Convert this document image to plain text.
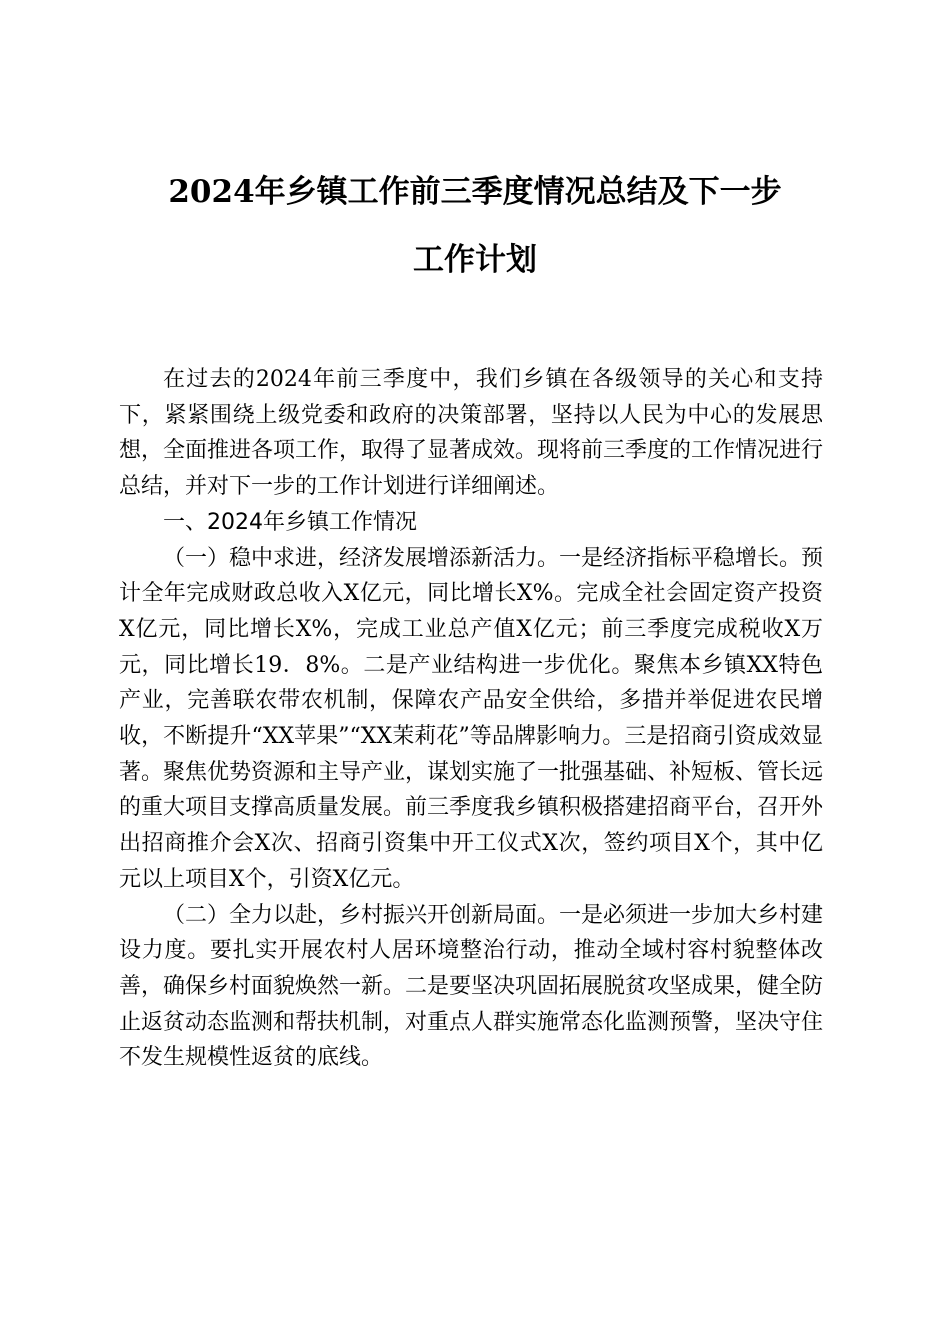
2024年乡镇工作前三季度情况总结及下一步
工作计划

在过去的2024年前三季度中，我们乡镇在各级领导的关心和支持下，紧紧围绕上级党委和政府的决策部署，坚持以人民为中心的发展思想，全面推进各项工作，取得了显著成效。现将前三季度的工作情况进行总结，并对下一步的工作计划进行详细阐述。

一、2024年乡镇工作情况

（一）稳中求进，经济发展增添新活力。一是经济指标平稳增长。预计全年完成财政总收入X亿元，同比增长X%。完成全社会固定资产投资X亿元，同比增长X%，完成工业总产值X亿元；前三季度完成税收X万元，同比增长19．8%。二是产业结构进一步优化。聚焦本乡镇XX特色产业，完善联农带农机制，保障农产品安全供给，多措并举促进农民增收，不断提升“XX苹果”“XX茉莉花”等品牌影响力。三是招商引资成效显著。聚焦优势资源和主导产业，谋划实施了一批强基础、补短板、管长远的重大项目支撑高质量发展。前三季度我乡镇积极搭建招商平台，召开外出招商推介会X次、招商引资集中开工仪式X次，签约项目X个，其中亿元以上项目X个，引资X亿元。

（二）全力以赴，乡村振兴开创新局面。一是必须进一步加大乡村建设力度。要扎实开展农村人居环境整治行动，推动全域村容村貌整体改善，确保乡村面貌焕然一新。二是要坚决巩固拓展脱贫攻坚成果，健全防止返贫动态监测和帮扶机制，对重点人群实施常态化监测预警，坚决守住不发生规模性返贫的底线。
